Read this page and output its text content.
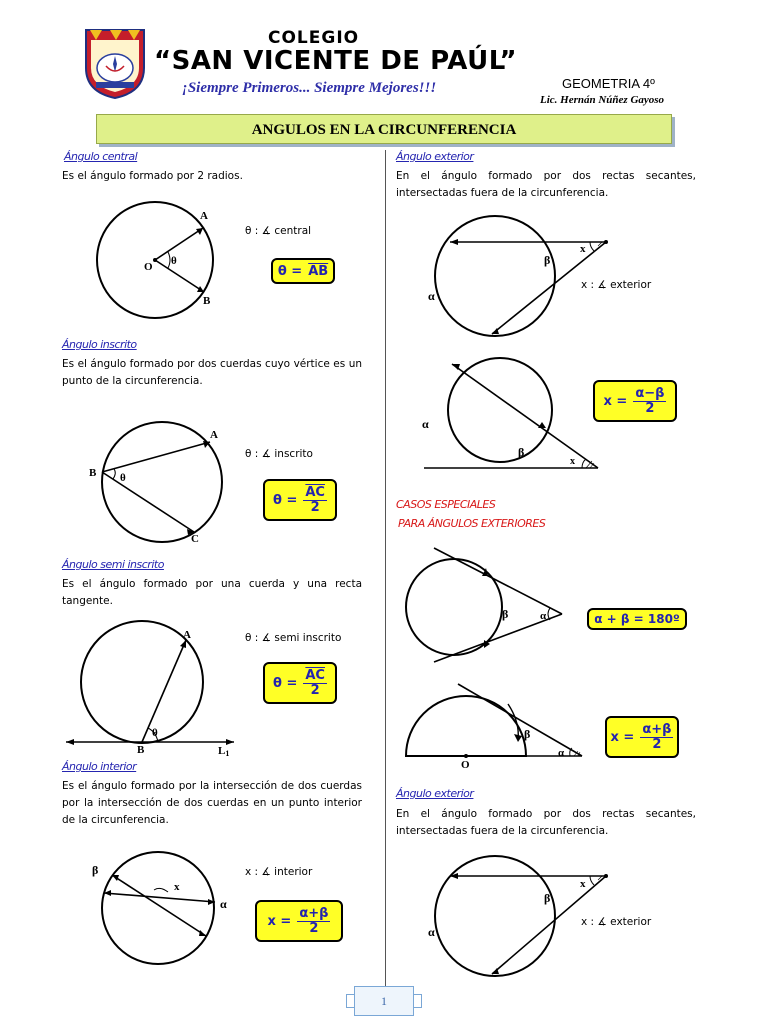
COLEGIO
“SAN VICENTE DE PAÚL”
¡Siempre Primeros... Siempre Mejores!!!	GEOMETRIA 4º
Lic. Hernán Núñez Gayoso
ANGULOS EN LA CIRCUNFERENCIA
Ángulo central
Es el ángulo formado por 2 radios.
A
B
O θ
θ : ∡ central
$\theta = \overline{AB}$
Ángulo inscrito
Es el ángulo formado por dos cuerdas cuyo vértice es un punto de la circunferencia.
A
B
C
θ
θ : ∡ inscrito
$\theta = \frac{\overline{AC}}{2}$
Ángulo semi inscrito
Es el ángulo formado por una cuerda y una recta tangente.
A
B	L1
θ
θ : ∡ semi inscrito
$\theta = \frac{\overline{AC}}{2}$
Ángulo interior
Es el ángulo formado por la intersección de dos cuerdas por la intersección de dos cuerdas en un punto interior de la circunferencia.
β
α
x
x : ∡ interior
$x = \frac{\alpha+\beta}{2}$
Ángulo exterior
En el ángulo formado por dos rectas secantes, intersectadas fuera de la circunferencia.
x
β
α
x : ∡ exterior
α
β
x
$x = \frac{\alpha-\beta}{2}$
CASOS ESPECIALES
PARA ÁNGULOS EXTERIORES
β	α	α + β = 180º
β
α
O
$x = \frac{\alpha+\beta}{2}$
Ángulo exterior
En el ángulo formado por dos rectas secantes, intersectadas fuera de la circunferencia.
x
β
α
x : ∡ exterior
1
